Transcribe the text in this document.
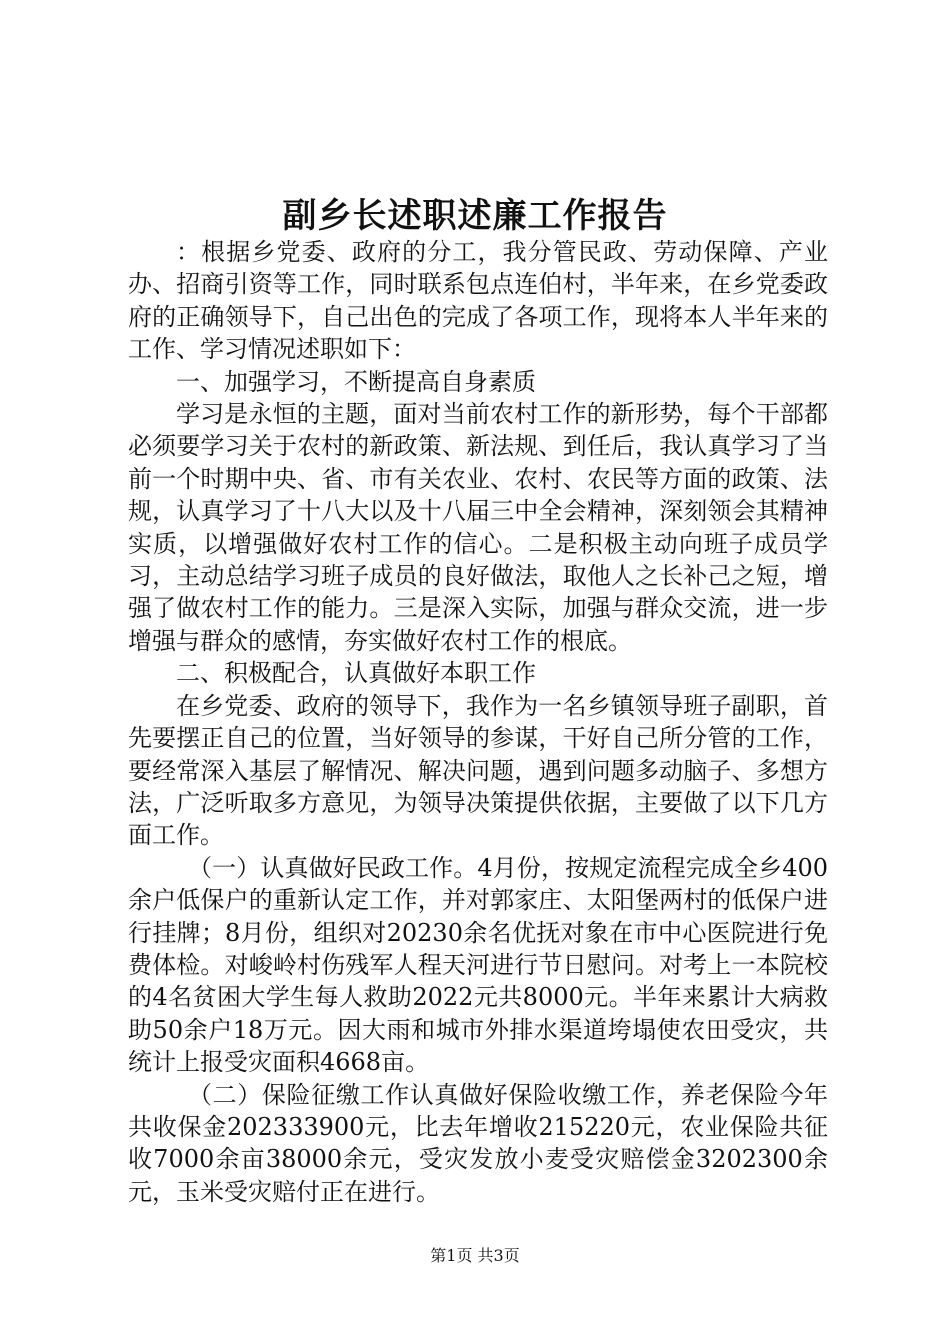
副乡长述职述廉工作报告

：根据乡党委、政府的分工，我分管民政、劳动保障、产业办、招商引资等工作，同时联系包点连伯村，半年来，在乡党委政府的正确领导下，自己出色的完成了各项工作，现将本人半年来的工作、学习情况述职如下：

一、加强学习，不断提高自身素质

学习是永恒的主题，面对当前农村工作的新形势，每个干部都必须要学习关于农村的新政策、新法规、到任后，我认真学习了当前一个时期中央、省、市有关农业、农村、农民等方面的政策、法规，认真学习了十八大以及十八届三中全会精神，深刻领会其精神实质，以增强做好农村工作的信心。二是积极主动向班子成员学习，主动总结学习班子成员的良好做法，取他人之长补己之短，增强了做农村工作的能力。三是深入实际，加强与群众交流，进一步增强与群众的感情，夯实做好农村工作的根底。

二、积极配合，认真做好本职工作

在乡党委、政府的领导下，我作为一名乡镇领导班子副职，首先要摆正自己的位置，当好领导的参谋，干好自己所分管的工作，要经常深入基层了解情况、解决问题，遇到问题多动脑子、多想方法，广泛听取多方意见，为领导决策提供依据，主要做了以下几方面工作。

（一）认真做好民政工作。4月份，按规定流程完成全乡400余户低保户的重新认定工作，并对郭家庄、太阳堡两村的低保户进行挂牌；8月份，组织对20230余名优抚对象在市中心医院进行免费体检。对峻岭村伤残军人程天河进行节日慰问。对考上一本院校的4名贫困大学生每人救助2022元共8000元。半年来累计大病救助50余户18万元。因大雨和城市外排水渠道垮塌使农田受灾，共统计上报受灾面积4668亩。

（二）保险征缴工作认真做好保险收缴工作，养老保险今年共收保金202333900元，比去年增收215220元，农业保险共征收7000余亩38000余元，受灾发放小麦受灾赔偿金3202300余元，玉米受灾赔付正在进行。

第1页 共3页
